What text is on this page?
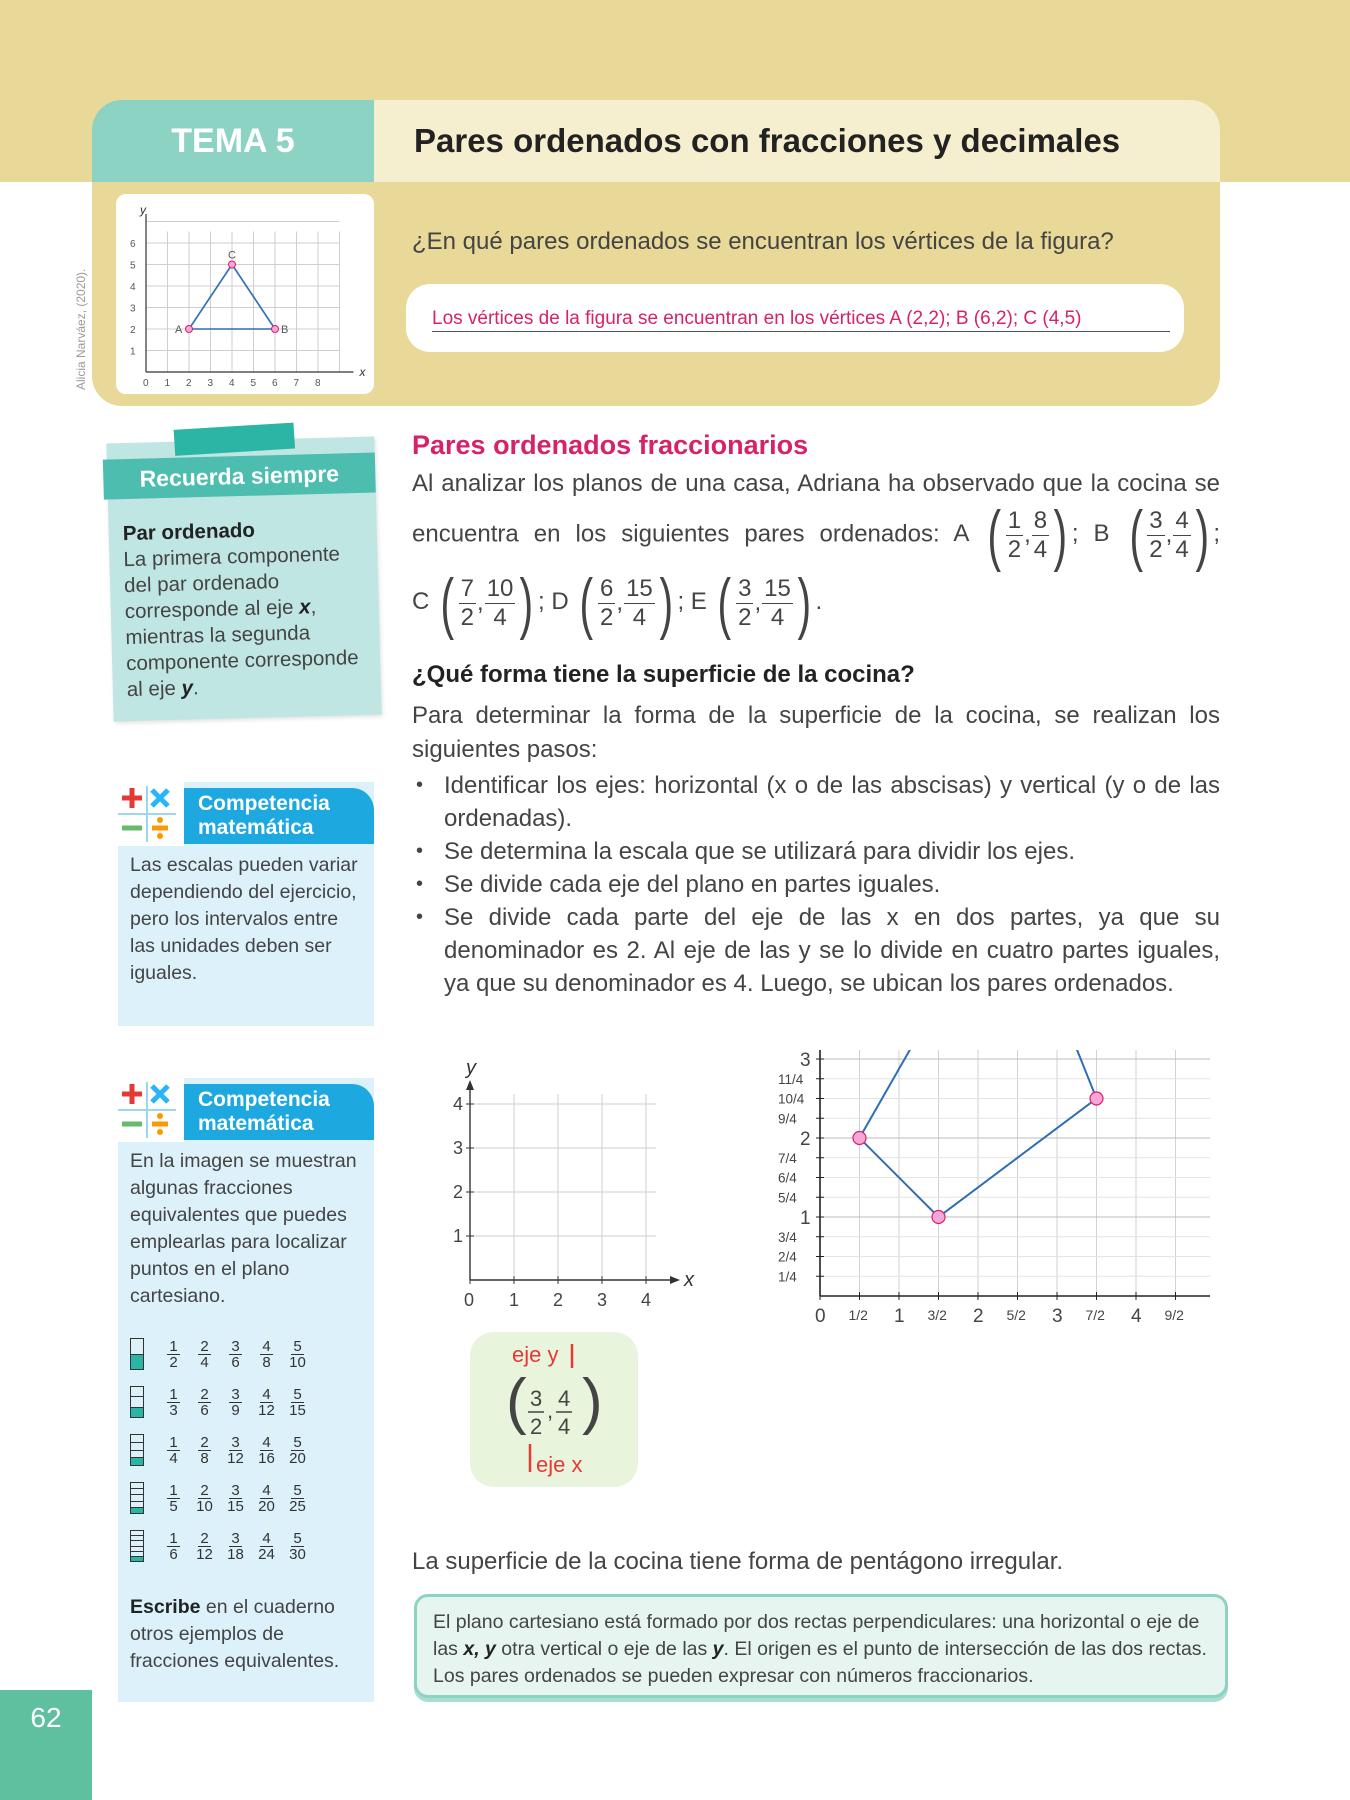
Alicia Narváez, (2020).
TEMA 5	Pares ordenados con fracciones y decimales
x
y
0 1 2 3 4 5 6 7 8
1
2
3
4
5
6
A	B
C
¿En qué pares ordenados se encuentran los vértices de la figura?
Los vértices de la figura se encuentran en los vértices A (2,2); B (6,2); C (4,5)
Recuerda siempre
Par ordenado
La primera componente del par ordenado corresponde al eje x, mientras la segunda componente corresponde al eje y.
Competencia
matemática
Las escalas pueden variar dependiendo del ejercicio, pero los intervalos entre las unidades deben ser iguales.
Competencia
matemática
En la imagen se muestran algunas fracciones equivalentes que puedes emplearlas para localizar puntos en el plano cartesiano.
1
2
2
4
3
6
4
8
5
10
1
3
2
6
3
9
4
12
5
15
1
4
2
8
3
12
4
16
5
20
1
5
2
10
3
15
4
20
5
25
1
6
2
12
3
18
4
24
5
30
Escribe en el cuaderno otros ejemplos de fracciones equivalentes.
62
Pares ordenados fraccionarios
Al analizar los planos de una casa, Adriana ha observado que la cocina se encuentra en los siguientes pares ordenados: A ( $\frac{1}{2}$ , $\frac{8}{4}$ ) ; B ( $\frac{3}{2}$ , $\frac{4}{4}$ ) ; C ( $\frac{7}{2}$ , $\frac{10}{4}$ ) ; D ( $\frac{6}{2}$ , $\frac{15}{4}$ ) ; E ( $\frac{3}{2}$ , $\frac{15}{4}$ ) .
¿Qué forma tiene la superficie de la cocina?
Para determinar la forma de la superficie de la cocina, se realizan los siguientes pasos:
• Identificar los ejes: horizontal (x o de las abscisas) y vertical (y o de las ordenadas).
• Se determina la escala que se utilizará para dividir los ejes.
• Se divide cada eje del plano en partes iguales.
• Se divide cada parte del eje de las x en dos partes, ya que su denominador es 2. Al eje de las y se lo divide en cuatro partes iguales, ya que su denominador es 4. Luego, se ubican los pares ordenados.
x
y
0 1 2 3 4
1
2
3
4
eje y
( )
3
2
, 4
4
eje x
0 1/2 1 3/2 2 5/2 3 7/2 4 9/2
1/4
2/4
3/4
1
5/4
6/4
7/4
2
9/4
10/4
11/4
3
La superficie de la cocina tiene forma de pentágono irregular.
El plano cartesiano está formado por dos rectas perpendiculares: una horizontal o eje de las x, y otra vertical o eje de las y. El origen es el punto de intersección de las dos rectas. Los pares ordenados se pueden expresar con números fraccionarios.
